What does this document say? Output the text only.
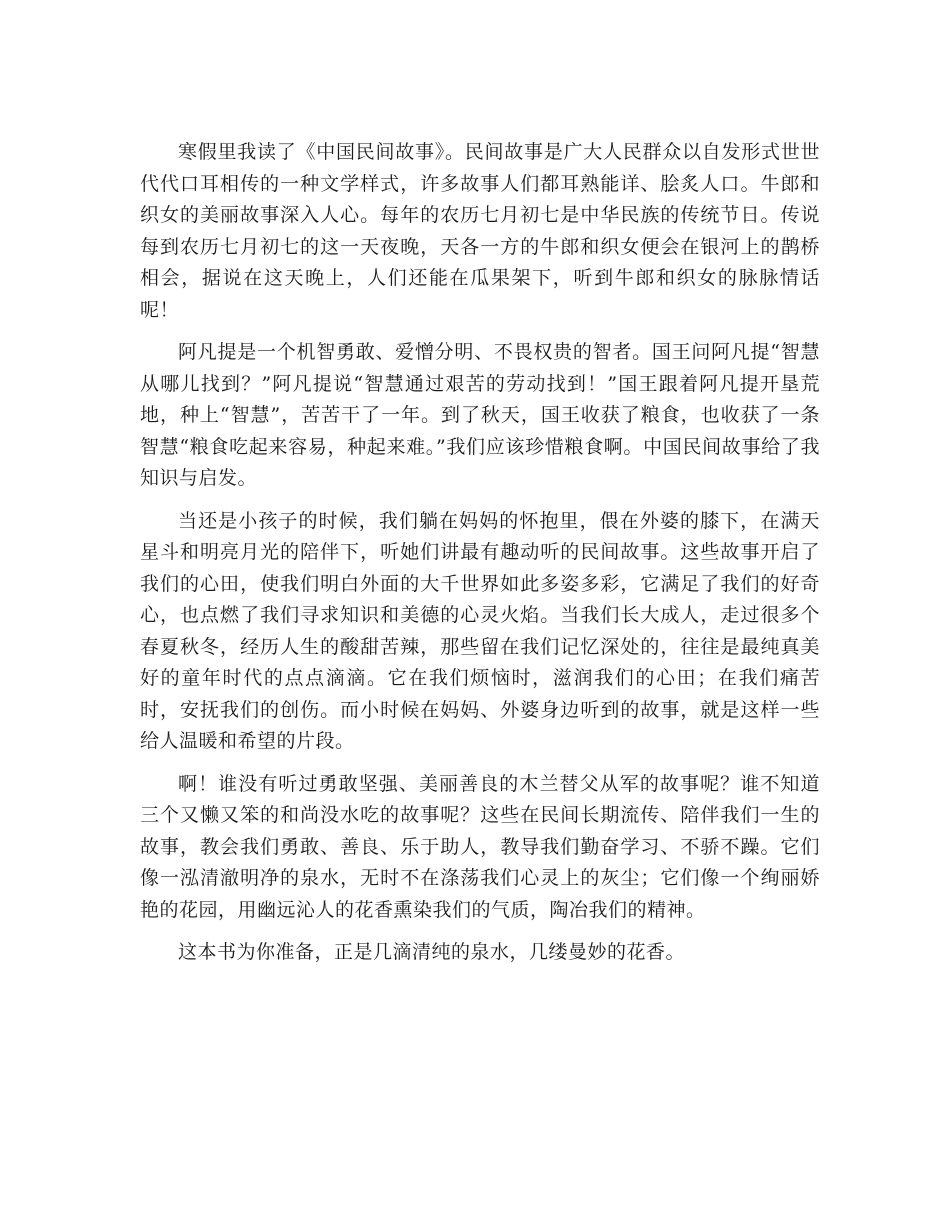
寒假里我读了《中国民间故事》。民间故事是广大人民群众以自发形式世世代代口耳相传的一种文学样式，许多故事人们都耳熟能详、脍炙人口。牛郎和织女的美丽故事深入人心。每年的农历七月初七是中华民族的传统节日。传说每到农历七月初七的这一天夜晚，天各一方的牛郎和织女便会在银河上的鹊桥相会，据说在这天晚上，人们还能在瓜果架下，听到牛郎和织女的脉脉情话呢！

阿凡提是一个机智勇敢、爱憎分明、不畏权贵的智者。国王问阿凡提“智慧从哪儿找到？”阿凡提说“智慧通过艰苦的劳动找到！”国王跟着阿凡提开垦荒地，种上“智慧”，苦苦干了一年。到了秋天，国王收获了粮食，也收获了一条智慧“粮食吃起来容易，种起来难。”我们应该珍惜粮食啊。中国民间故事给了我知识与启发。

当还是小孩子的时候，我们躺在妈妈的怀抱里，偎在外婆的膝下，在满天星斗和明亮月光的陪伴下，听她们讲最有趣动听的民间故事。这些故事开启了我们的心田，使我们明白外面的大千世界如此多姿多彩，它满足了我们的好奇心，也点燃了我们寻求知识和美德的心灵火焰。当我们长大成人，走过很多个春夏秋冬，经历人生的酸甜苦辣，那些留在我们记忆深处的，往往是最纯真美好的童年时代的点点滴滴。它在我们烦恼时，滋润我们的心田；在我们痛苦时，安抚我们的创伤。而小时候在妈妈、外婆身边听到的故事，就是这样一些给人温暖和希望的片段。

啊！谁没有听过勇敢坚强、美丽善良的木兰替父从军的故事呢？谁不知道三个又懒又笨的和尚没水吃的故事呢？这些在民间长期流传、陪伴我们一生的故事，教会我们勇敢、善良、乐于助人，教导我们勤奋学习、不骄不躁。它们像一泓清澈明净的泉水，无时不在涤荡我们心灵上的灰尘；它们像一个绚丽娇艳的花园，用幽远沁人的花香熏染我们的气质，陶冶我们的精神。

这本书为你准备，正是几滴清纯的泉水，几缕曼妙的花香。
